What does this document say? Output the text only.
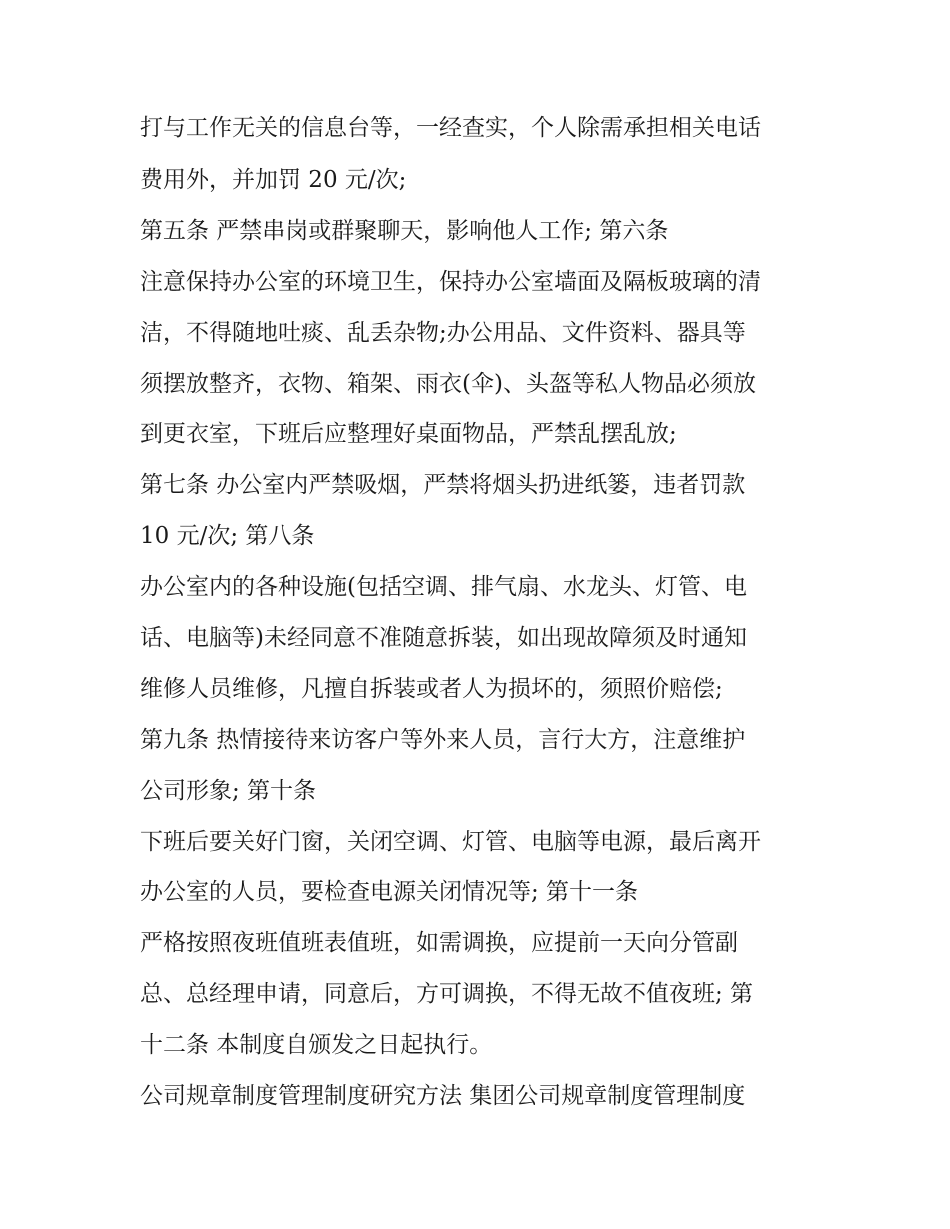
打与工作无关的信息台等，一经查实，个人除需承担相关电话
费用外，并加罚 20 元/次;
第五条 严禁串岗或群聚聊天，影响他人工作; 第六条
注意保持办公室的环境卫生，保持办公室墙面及隔板玻璃的清
洁，不得随地吐痰、乱丢杂物;办公用品、文件资料、器具等
须摆放整齐，衣物、箱架、雨衣(伞)、头盔等私人物品必须放
到更衣室，下班后应整理好桌面物品，严禁乱摆乱放;
第七条 办公室内严禁吸烟，严禁将烟头扔进纸篓，违者罚款
10 元/次; 第八条
办公室内的各种设施(包括空调、排气扇、水龙头、灯管、电
话、电脑等)未经同意不准随意拆装，如出现故障须及时通知
维修人员维修，凡擅自拆装或者人为损坏的，须照价赔偿;
第九条 热情接待来访客户等外来人员，言行大方，注意维护
公司形象; 第十条
下班后要关好门窗，关闭空调、灯管、电脑等电源，最后离开
办公室的人员，要检查电源关闭情况等; 第十一条
严格按照夜班值班表值班，如需调换，应提前一天向分管副
总、总经理申请，同意后，方可调换，不得无故不值夜班; 第
十二条 本制度自颁发之日起执行。
公司规章制度管理制度研究方法 集团公司规章制度管理制度
